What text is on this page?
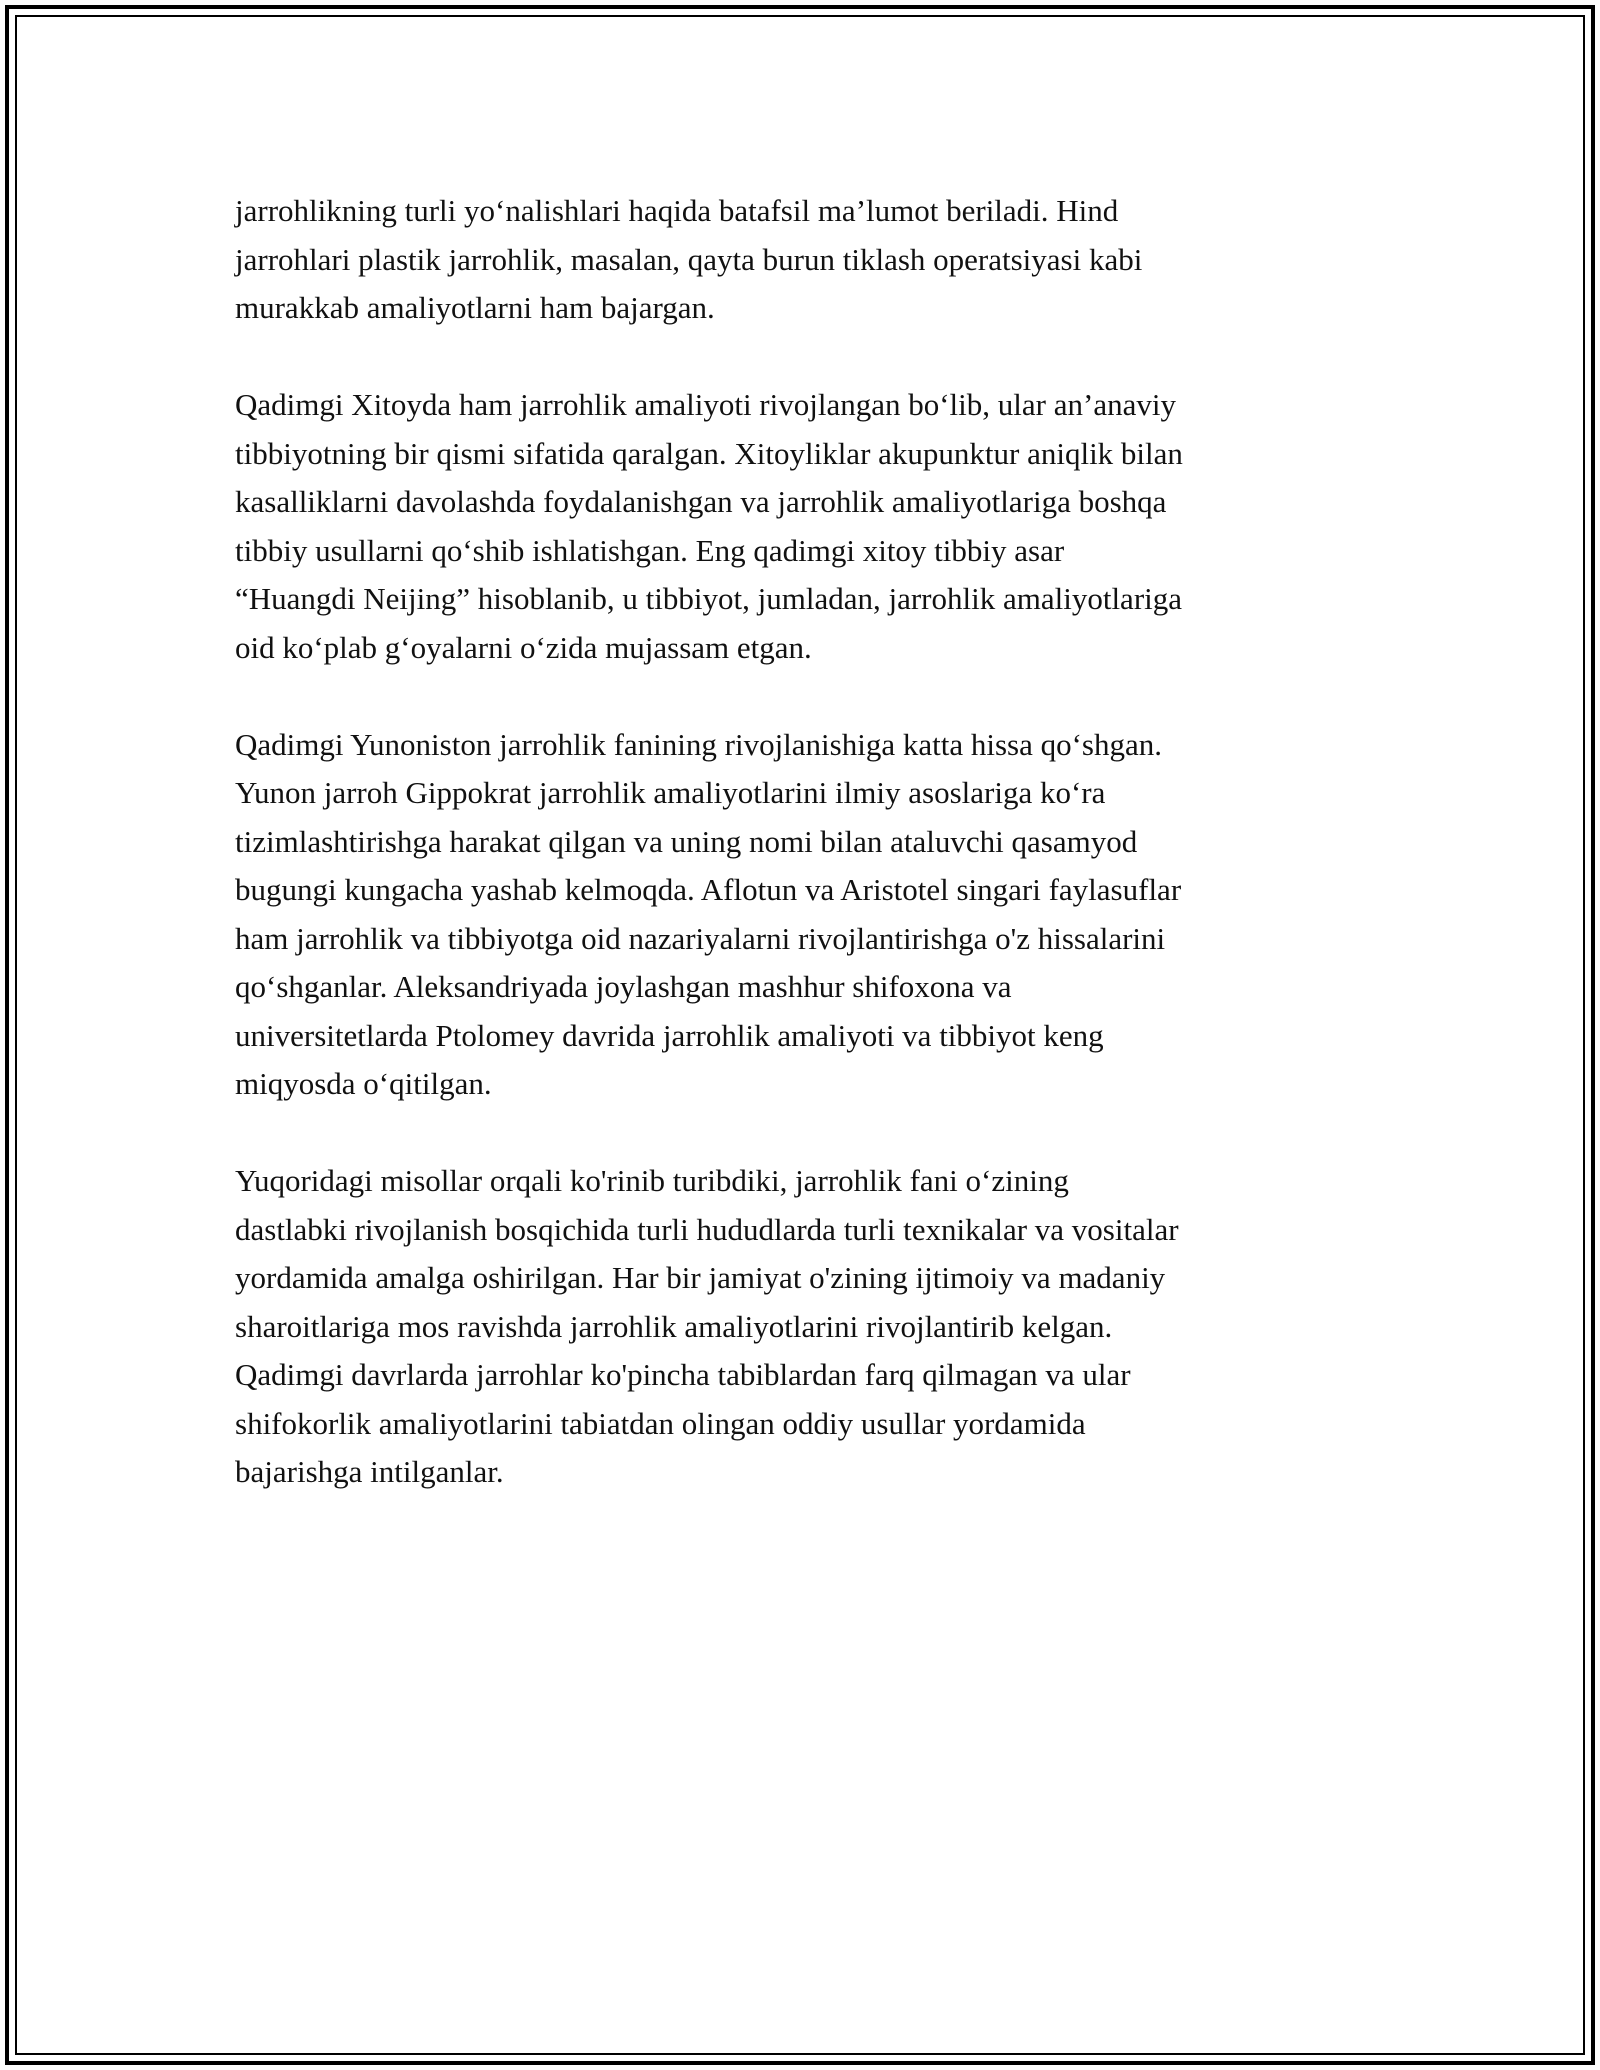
jarrohlikning turli yo‘nalishlari haqida batafsil ma’lumot beriladi. Hind
jarrohlari plastik jarrohlik, masalan, qayta burun tiklash operatsiyasi kabi
murakkab amaliyotlarni ham bajargan.

Qadimgi Xitoyda ham jarrohlik amaliyoti rivojlangan bo‘lib, ular an’anaviy
tibbiyotning bir qismi sifatida qaralgan. Xitoyliklar akupunktur aniqlik bilan
kasalliklarni davolashda foydalanishgan va jarrohlik amaliyotlariga boshqa
tibbiy usullarni qo‘shib ishlatishgan. Eng qadimgi xitoy tibbiy asar
“Huangdi Neijing” hisoblanib, u tibbiyot, jumladan, jarrohlik amaliyotlariga
oid ko‘plab g‘oyalarni o‘zida mujassam etgan.

Qadimgi Yunoniston jarrohlik fanining rivojlanishiga katta hissa qo‘shgan.
Yunon jarroh Gippokrat jarrohlik amaliyotlarini ilmiy asoslariga ko‘ra
tizimlashtirishga harakat qilgan va uning nomi bilan ataluvchi qasamyod
bugungi kungacha yashab kelmoqda. Aflotun va Aristotel singari faylasuflar
ham jarrohlik va tibbiyotga oid nazariyalarni rivojlantirishga o'z hissalarini
qo‘shganlar. Aleksandriyada joylashgan mashhur shifoxona va
universitetlarda Ptolomey davrida jarrohlik amaliyoti va tibbiyot keng
miqyosda o‘qitilgan.

Yuqoridagi misollar orqali ko'rinib turibdiki, jarrohlik fani o‘zining
dastlabki rivojlanish bosqichida turli hududlarda turli texnikalar va vositalar
yordamida amalga oshirilgan. Har bir jamiyat o'zining ijtimoiy va madaniy
sharoitlariga mos ravishda jarrohlik amaliyotlarini rivojlantirib kelgan.
Qadimgi davrlarda jarrohlar ko'pincha tabiblardan farq qilmagan va ular
shifokorlik amaliyotlarini tabiatdan olingan oddiy usullar yordamida
bajarishga intilganlar.
